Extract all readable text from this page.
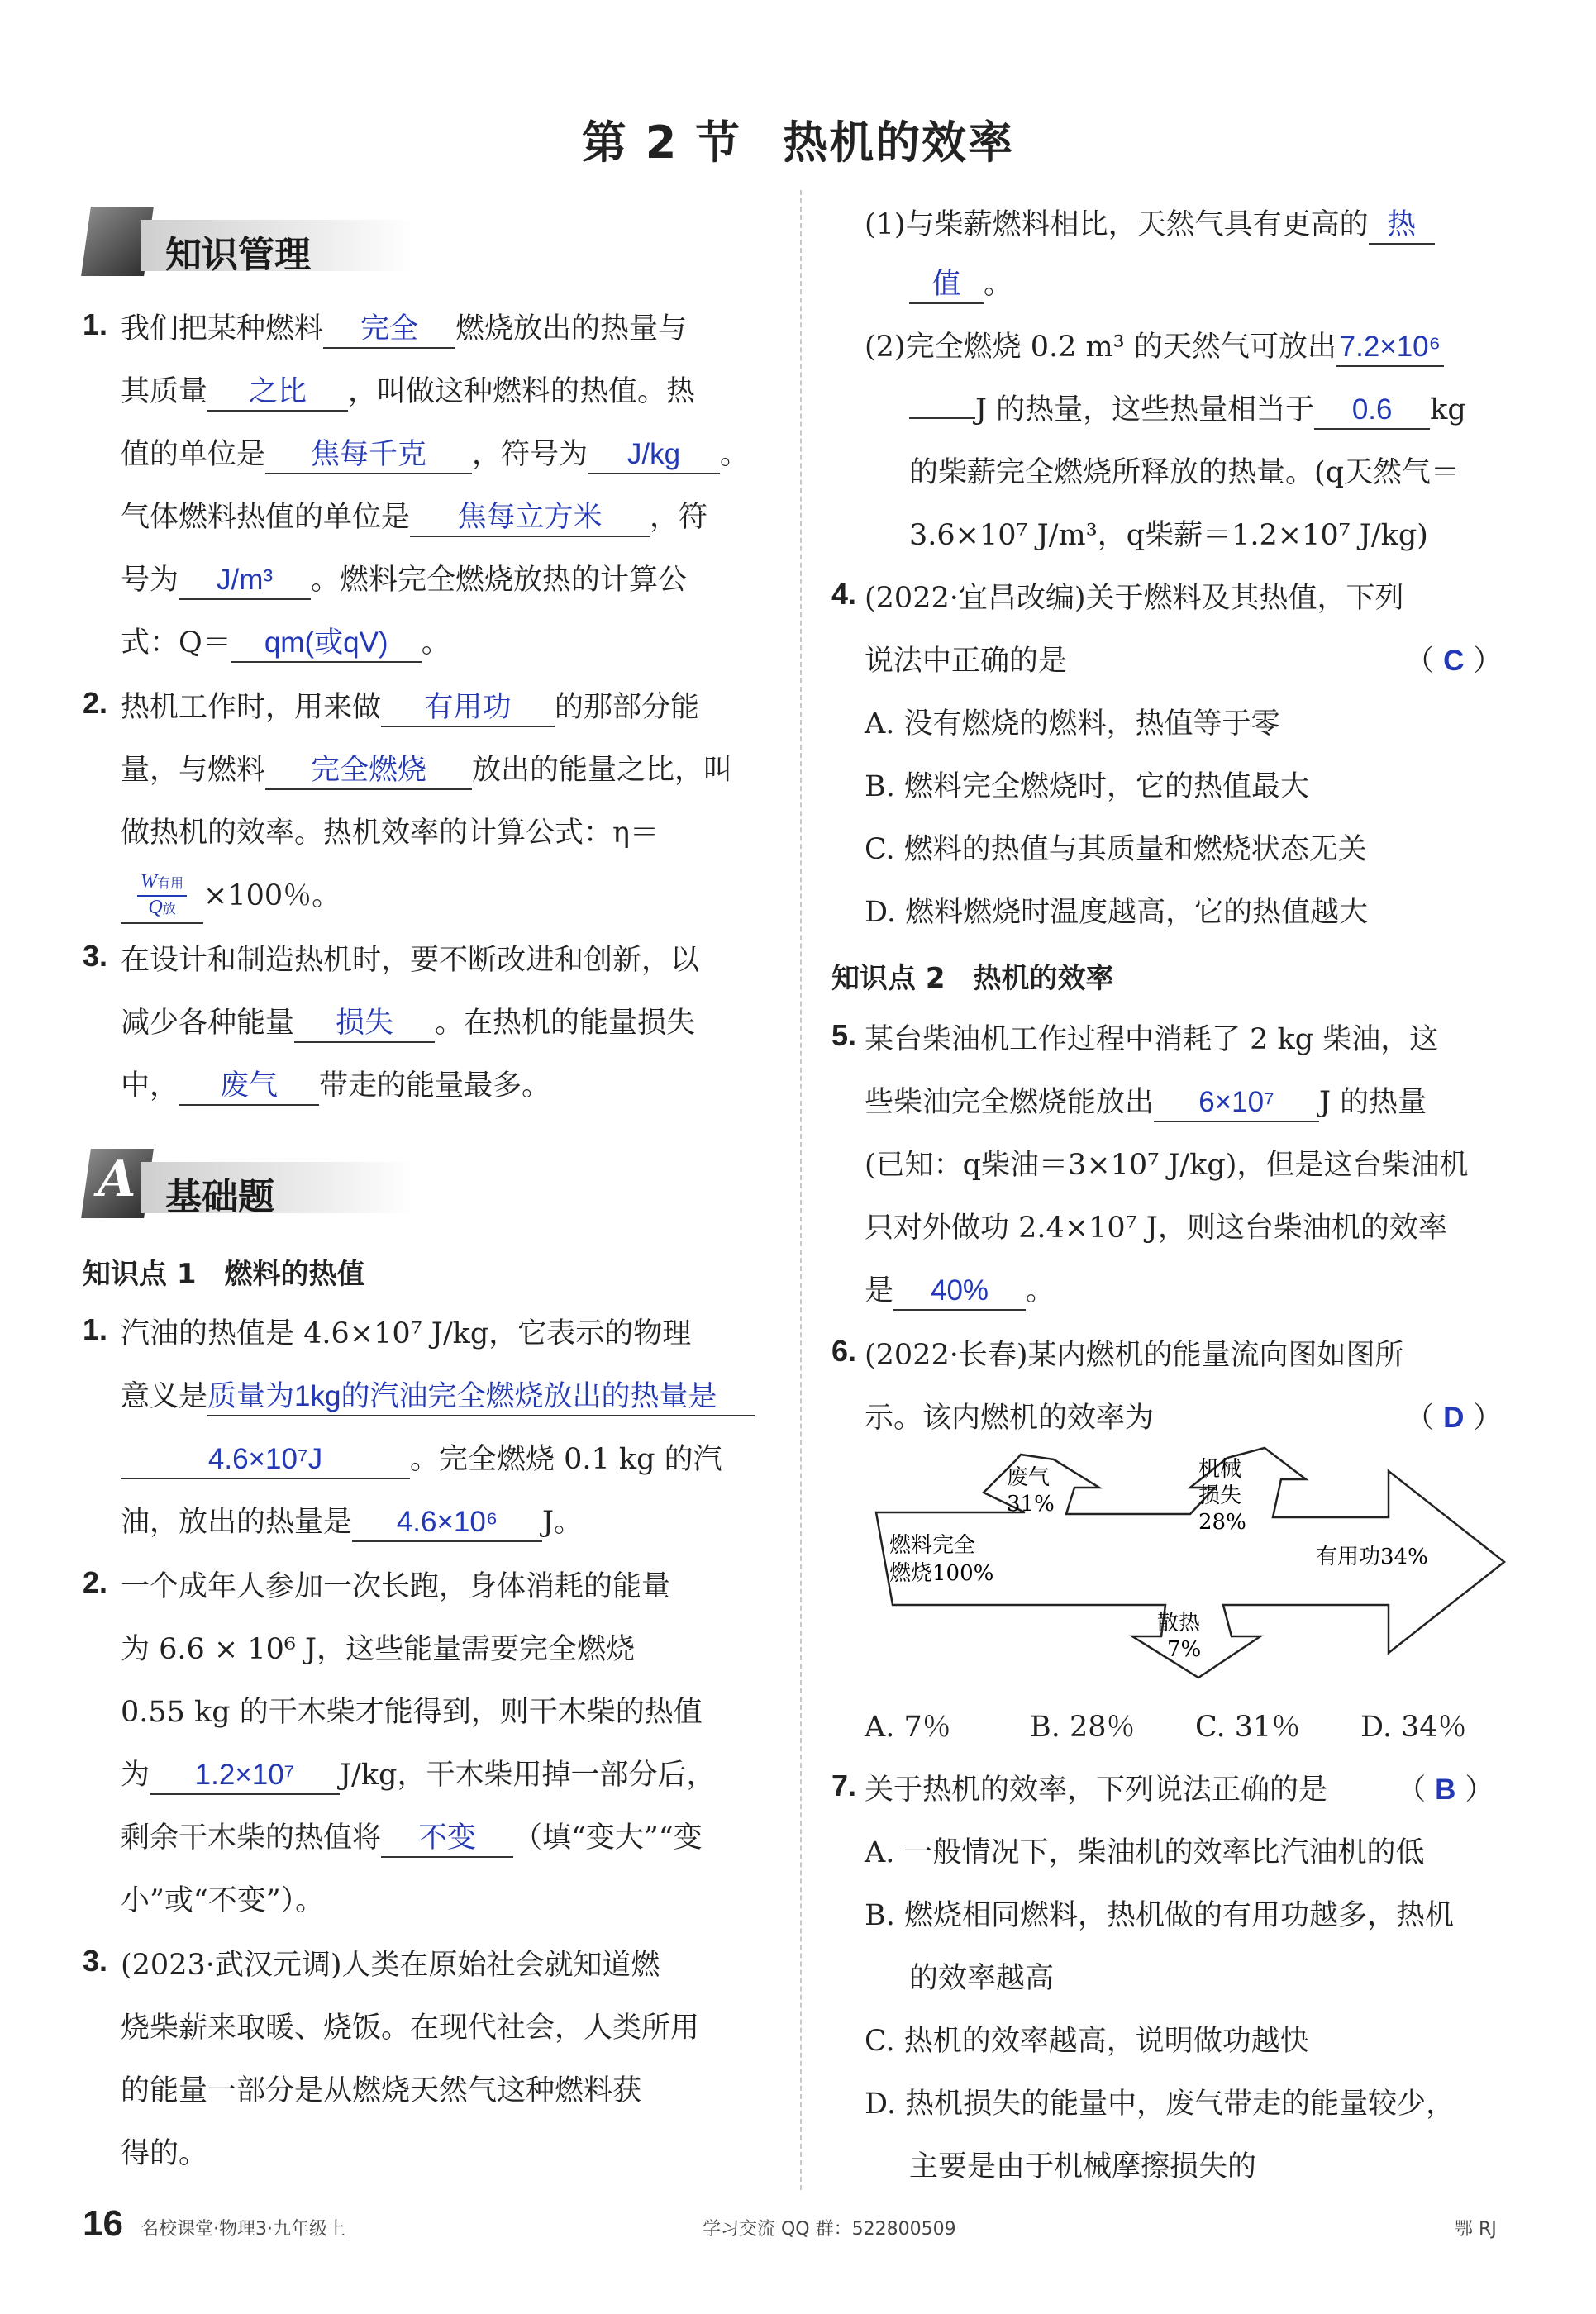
第 2 节 热机的效率
知识管理
1. 我们把某种燃料 完全 燃烧放出的热量与
其质量 之比 ，叫做这种燃料的热值。热
值的单位是 焦每千克 ，符号为 J/kg 。
气体燃料热值的单位是 焦每立方米 ，符
号为 J/m³ 。燃料完全燃烧放热的计算公
式：Q＝ qm(或qV) 。
2. 热机工作时，用来做 有用功 的那部分能
量，与燃料 完全燃烧 放出的能量之比，叫
做热机的效率。热机效率的计算公式：η＝
$\frac{\text{W有用}}{\text{Q放}} \times 100$％。
3. 在设计和制造热机时，要不断改进和创新，以
减少各种能量 损失 。在热机的能量损失
中， 废气 带走的能量最多。
A 基础题
知识点 1　燃料的热值
1. 汽油的热值是 4.6×10⁷ J/kg，它表示的物理
意义是质量为1kg的汽油完全燃烧放出的热量是
4.6×10⁷J	。完全燃烧 0.1 kg 的汽
油，放出的热量是 4.6×10⁶ J。
2. 一个成年人参加一次长跑，身体消耗的能量
为 6.6 × 10⁶ J，这些能量需要完全燃烧
0.55 kg 的干木柴才能得到，则干木柴的热值
为 1.2×10⁷ J/kg，干木柴用掉一部分后，
剩余干木柴的热值将 不变 （填“变大”“变
小”或“不变”）。
3. (2023·武汉元调)人类在原始社会就知道燃
烧柴薪来取暖、烧饭。在现代社会，人类所用
的能量一部分是从燃烧天然气这种燃料获
得的。
(1)与柴薪燃料相比，天然气具有更高的 热
值 。
(2)完全燃烧 0.2 m³ 的天然气可放出 7.2×10⁶
J 的热量，这些热量相当于 0.6 kg
的柴薪完全燃烧所释放的热量。(q天然气＝
3.6×10⁷ J/m³，q柴薪＝1.2×10⁷ J/kg)
4. (2022·宜昌改编)关于燃料及其热值，下列
说法中正确的是	（ C ）
A. 没有燃烧的燃料，热值等于零
B. 燃料完全燃烧时，它的热值最大
C. 燃料的热值与其质量和燃烧状态无关
D. 燃料燃烧时温度越高，它的热值越大
知识点 2　热机的效率
5. 某台柴油机工作过程中消耗了 2 kg 柴油，这
些柴油完全燃烧能放出 6×10⁷ J 的热量
(已知：q柴油＝3×10⁷ J/kg)，但是这台柴油机
只对外做功 2.4×10⁷ J，则这台柴油机的效率
是 40% 。
6. (2022·长春)某内燃机的能量流向图如图所
示。该内燃机的效率为	（ D ）
燃料完全
燃烧100%
废气
31%
机械
损失
28%
有用功34%
散热
7%
A. 7％	B. 28％ C. 31％ D. 34％
7. 关于热机的效率，下列说法正确的是 （ B ）
A. 一般情况下，柴油机的效率比汽油机的低
B. 燃烧相同燃料，热机做的有用功越多，热机
的效率越高
C. 热机的效率越高，说明做功越快
D. 热机损失的能量中，废气带走的能量较少，
主要是由于机械摩擦损失的
16 名校课堂·物理3·九年级上	学习交流 QQ 群：522800509	鄂 RJ
